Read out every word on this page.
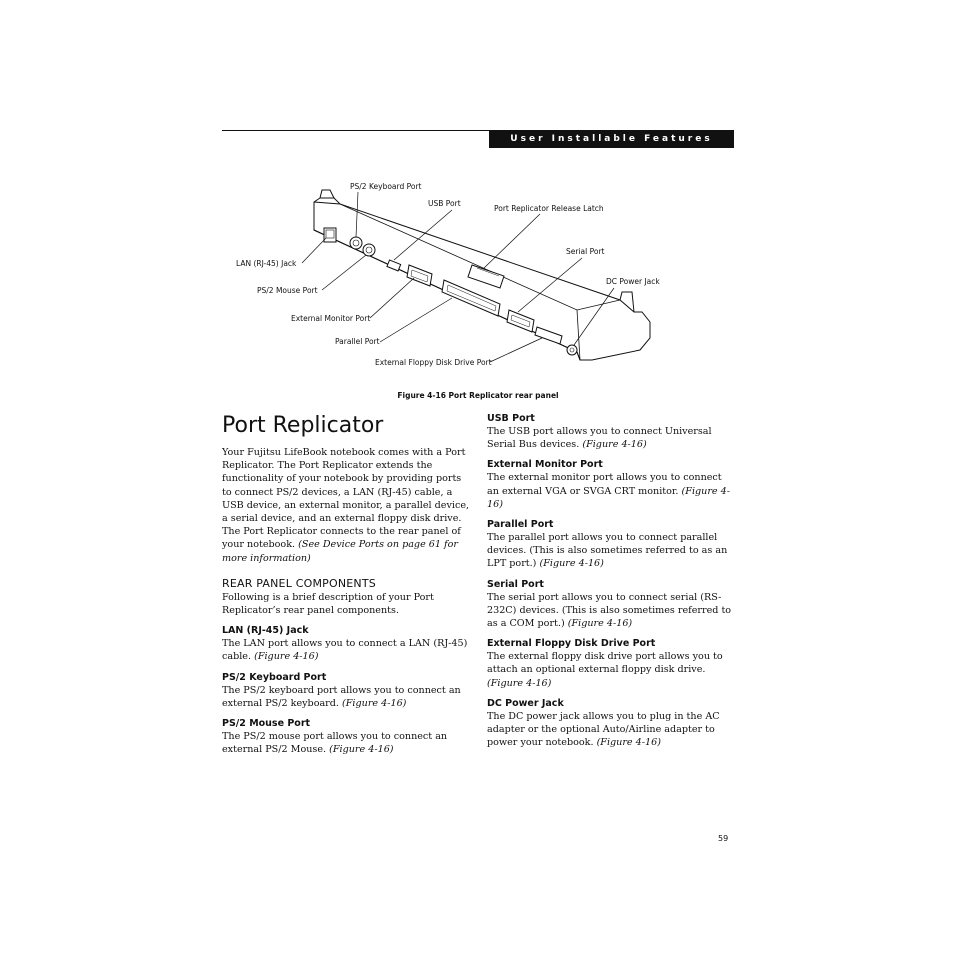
User Installable Features
PS/2 Keyboard Port
USB Port
Port Replicator Release Latch
Serial Port
DC Power Jack
LAN (RJ-45) Jack
PS/2 Mouse Port
External Monitor Port
Parallel Port
External Floppy Disk Drive Port
Figure 4-16 Port Replicator rear panel
Port Replicator

Your Fujitsu LifeBook notebook comes with a Port Replicator. The Port Replicator extends the functionality of your notebook by providing ports to connect PS/2 devices, a LAN (RJ-45) cable, a USB device, an external monitor, a parallel device, a serial device, and an external floppy disk drive. The Port Replicator connects to the rear panel of your notebook. (See Device Ports on page 61 for more information)

REAR PANEL COMPONENTS

Following is a brief description of your Port Replicator’s rear panel components.

LAN (RJ-45) Jack

The LAN port allows you to connect a LAN (RJ-45) cable. (Figure 4-16)

PS/2 Keyboard Port

The PS/2 keyboard port allows you to connect an external PS/2 keyboard. (Figure 4-16)

PS/2 Mouse Port

The PS/2 mouse port allows you to connect an external PS/2 Mouse. (Figure 4-16)

USB Port

The USB port allows you to connect Universal Serial Bus devices. (Figure 4-16)

External Monitor Port

The external monitor port allows you to connect an external VGA or SVGA CRT monitor. (Figure 4-16)

Parallel Port

The parallel port allows you to connect parallel devices. (This is also sometimes referred to as an LPT port.) (Figure 4-16)

Serial Port

The serial port allows you to connect serial (RS-232C) devices. (This is also sometimes referred to as a COM port.) (Figure 4-16)

External Floppy Disk Drive Port

The external floppy disk drive port allows you to attach an optional external floppy disk drive. (Figure 4-16)

DC Power Jack

The DC power jack allows you to plug in the AC adapter or the optional Auto/Airline adapter to power your notebook. (Figure 4-16)

59
